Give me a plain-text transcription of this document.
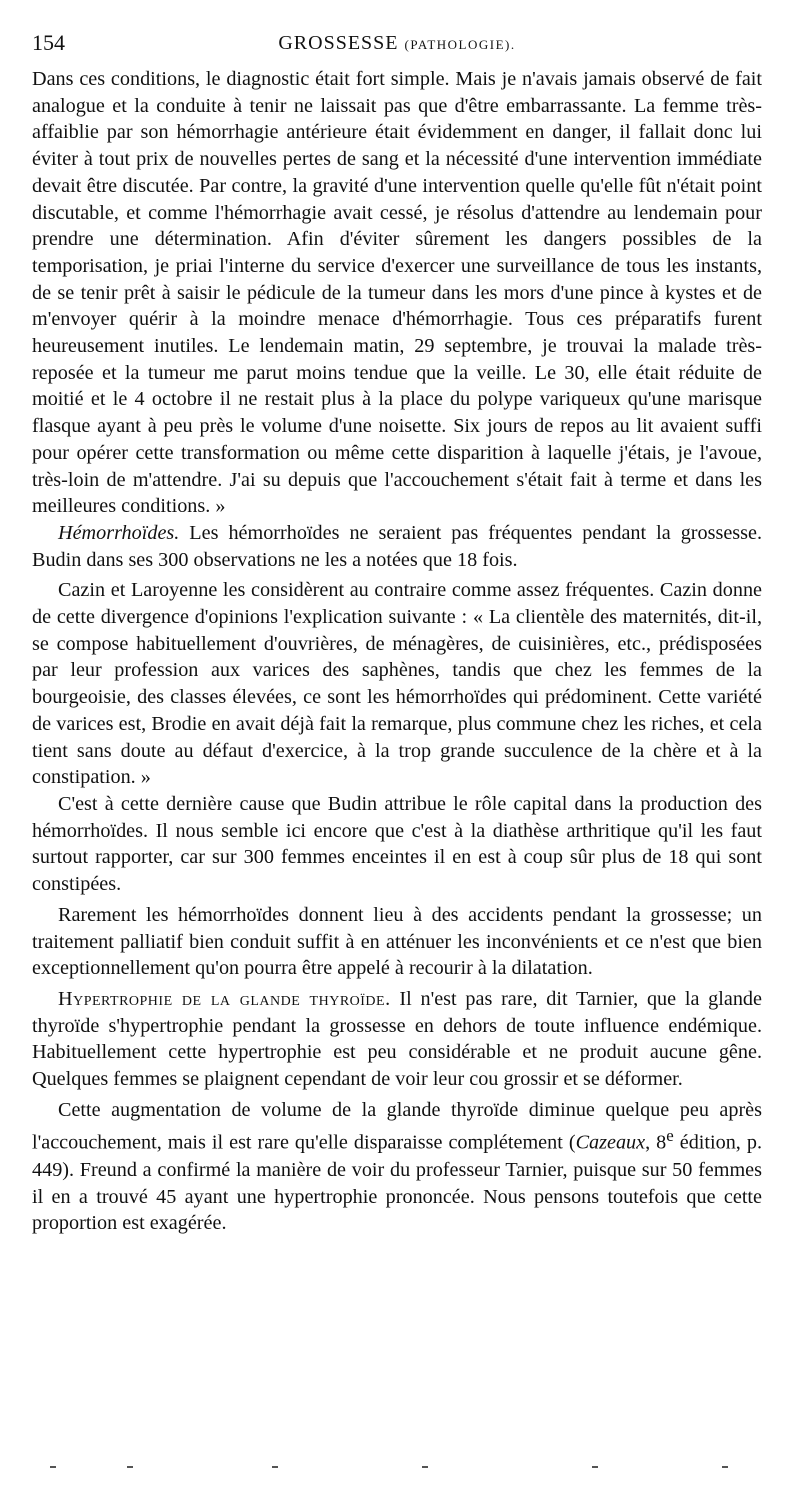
154	GROSSESSE (PATHOLOGIE).

Dans ces conditions, le diagnostic était fort simple. Mais je n'avais jamais observé de fait analogue et la conduite à tenir ne laissait pas que d'être embarrassante. La femme très-affaiblie par son hémorrhagie antérieure était évidemment en danger, il fallait donc lui éviter à tout prix de nouvelles pertes de sang et la nécessité d'une intervention immédiate devait être discutée. Par contre, la gravité d'une intervention quelle qu'elle fût n'était point discutable, et comme l'hémorrhagie avait cessé, je résolus d'attendre au lendemain pour prendre une détermination. Afin d'éviter sûrement les dangers possibles de la temporisation, je priai l'interne du service d'exercer une surveillance de tous les instants, de se tenir prêt à saisir le pédicule de la tumeur dans les mors d'une pince à kystes et de m'envoyer quérir à la moindre menace d'hémorrhagie. Tous ces préparatifs furent heureusement inutiles. Le lendemain matin, 29 septembre, je trouvai la malade très-reposée et la tumeur me parut moins tendue que la veille. Le 30, elle était réduite de moitié et le 4 octobre il ne restait plus à la place du polype variqueux qu'une marisque flasque ayant à peu près le volume d'une noisette. Six jours de repos au lit avaient suffi pour opérer cette transformation ou même cette disparition à laquelle j'étais, je l'avoue, très-loin de m'attendre. J'ai su depuis que l'accouchement s'était fait à terme et dans les meilleures conditions. »

Hémorrhoïdes. Les hémorrhoïdes ne seraient pas fréquentes pendant la grossesse. Budin dans ses 300 observations ne les a notées que 18 fois.

Cazin et Laroyenne les considèrent au contraire comme assez fréquentes. Cazin donne de cette divergence d'opinions l'explication suivante : « La clientèle des maternités, dit-il, se compose habituellement d'ouvrières, de ménagères, de cuisinières, etc., prédisposées par leur profession aux varices des saphènes, tandis que chez les femmes de la bourgeoisie, des classes élevées, ce sont les hémorrhoïdes qui prédominent. Cette variété de varices est, Brodie en avait déjà fait la remarque, plus commune chez les riches, et cela tient sans doute au défaut d'exercice, à la trop grande succulence de la chère et à la constipation. »

C'est à cette dernière cause que Budin attribue le rôle capital dans la production des hémorrhoïdes. Il nous semble ici encore que c'est à la diathèse arthritique qu'il les faut surtout rapporter, car sur 300 femmes enceintes il en est à coup sûr plus de 18 qui sont constipées.

Rarement les hémorrhoïdes donnent lieu à des accidents pendant la grossesse; un traitement palliatif bien conduit suffit à en atténuer les inconvénients et ce n'est que bien exceptionnellement qu'on pourra être appelé à recourir à la dilatation.

Hypertrophie de la glande thyroïde. Il n'est pas rare, dit Tarnier, que la glande thyroïde s'hypertrophie pendant la grossesse en dehors de toute influence endémique. Habituellement cette hypertrophie est peu considérable et ne produit aucune gêne. Quelques femmes se plaignent cependant de voir leur cou grossir et se déformer.

Cette augmentation de volume de la glande thyroïde diminue quelque peu après l'accouchement, mais il est rare qu'elle disparaisse complétement (Cazeaux, 8e édition, p. 449). Freund a confirmé la manière de voir du professeur Tarnier, puisque sur 50 femmes il en a trouvé 45 ayant une hypertrophie prononcée. Nous pensons toutefois que cette proportion est exagérée.
